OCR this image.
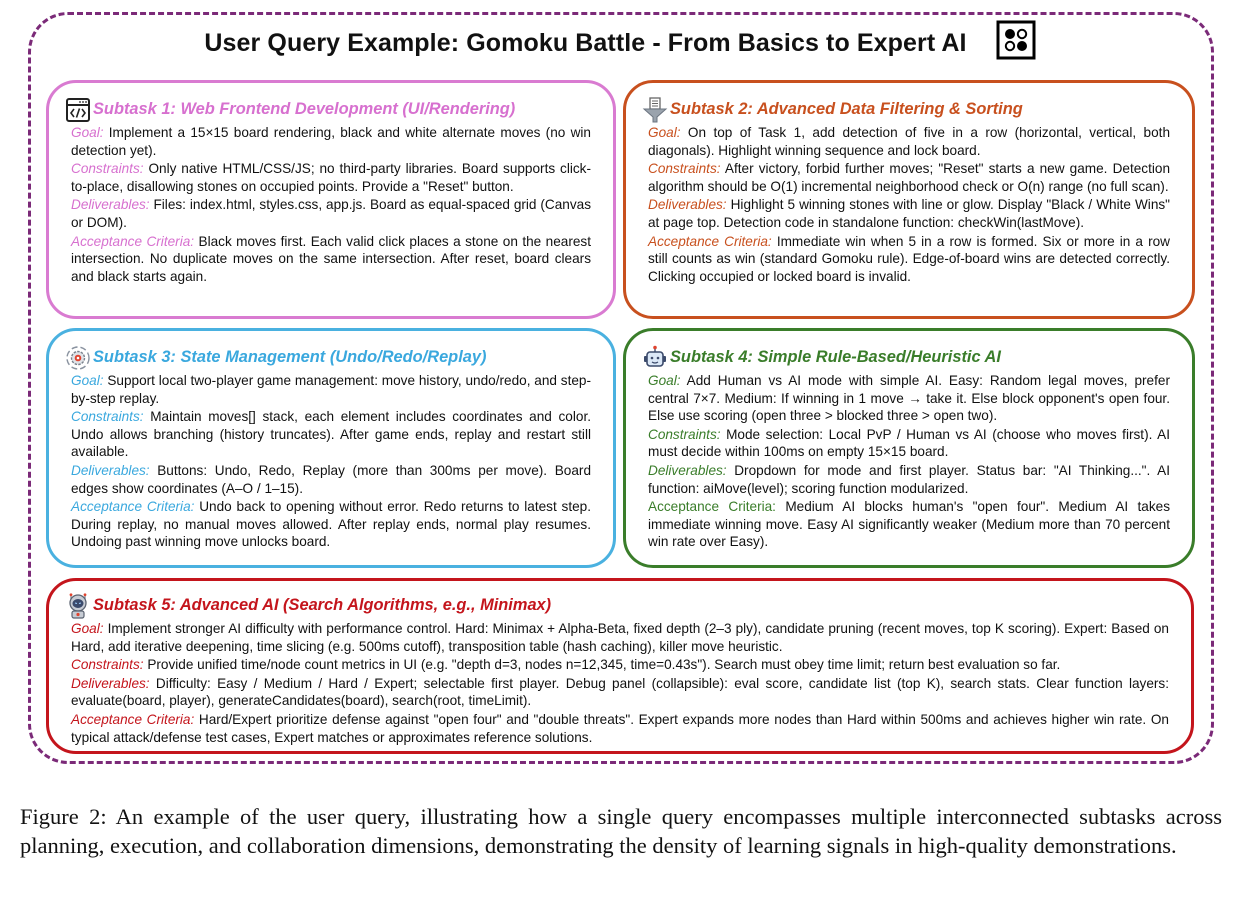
User Query Example: Gomoku Battle - From Basics to Expert AI
Subtask 1: Web Frontend Development (UI/Rendering)

Goal: Implement a 15×15 board rendering, black and white alternate moves (no win detection yet).

Constraints: Only native HTML/CSS/JS; no third-party libraries. Board supports click-to-place, disallowing stones on occupied points. Provide a "Reset" button.

Deliverables: Files: index.html, styles.css, app.js. Board as equal-spaced grid (Canvas or DOM).

Acceptance Criteria: Black moves first. Each valid click places a stone on the nearest intersection. No duplicate moves on the same intersection. After reset, board clears and black starts again.

Subtask 2: Advanced Data Filtering & Sorting

Goal: On top of Task 1, add detection of five in a row (horizontal, vertical, both diagonals). Highlight winning sequence and lock board.

Constraints: After victory, forbid further moves; "Reset" starts a new game. Detection algorithm should be O(1) incremental neighborhood check or O(n) range (no full scan).

Deliverables: Highlight 5 winning stones with line or glow. Display "Black / White Wins" at page top. Detection code in standalone function: checkWin(lastMove).

Acceptance Criteria: Immediate win when 5 in a row is formed. Six or more in a row still counts as win (standard Gomoku rule). Edge-of-board wins are detected correctly. Clicking occupied or locked board is invalid.

Subtask 3: State Management (Undo/Redo/Replay)

Goal: Support local two-player game management: move history, undo/redo, and step-by-step replay.

Constraints: Maintain moves[] stack, each element includes coordinates and color. Undo allows branching (history truncates). After game ends, replay and restart still available.

Deliverables: Buttons: Undo, Redo, Replay (more than 300ms per move). Board edges show coordinates (A–O / 1–15).

Acceptance Criteria: Undo back to opening without error. Redo returns to latest step. During replay, no manual moves allowed. After replay ends, normal play resumes. Undoing past winning move unlocks board.

Subtask 4: Simple Rule-Based/Heuristic AI

Goal: Add Human vs AI mode with simple AI. Easy: Random legal moves, prefer central 7×7. Medium: If winning in 1 move → take it. Else block opponent's open four. Else use scoring (open three > blocked three > open two).

Constraints: Mode selection: Local PvP / Human vs AI (choose who moves first). AI must decide within 100ms on empty 15×15 board.

Deliverables: Dropdown for mode and first player. Status bar: "AI Thinking...". AI function: aiMove(level); scoring function modularized.

Acceptance Criteria: Medium AI blocks human's "open four". Medium AI takes immediate winning move. Easy AI significantly weaker (Medium more than 70 percent win rate over Easy).

Subtask 5: Advanced AI (Search Algorithms, e.g., Minimax)

Goal: Implement stronger AI difficulty with performance control. Hard: Minimax + Alpha-Beta, fixed depth (2–3 ply), candidate pruning (recent moves, top K scoring). Expert: Based on Hard, add iterative deepening, time slicing (e.g. 500ms cutoff), transposition table (hash caching), killer move heuristic.

Constraints: Provide unified time/node count metrics in UI (e.g. "depth d=3, nodes n=12,345, time=0.43s"). Search must obey time limit; return best evaluation so far.

Deliverables: Difficulty: Easy / Medium / Hard / Expert; selectable first player. Debug panel (collapsible): eval score, candidate list (top K), search stats. Clear function layers: evaluate(board, player), generateCandidates(board), search(root, timeLimit).

Acceptance Criteria: Hard/Expert prioritize defense against "open four" and "double threats". Expert expands more nodes than Hard within 500ms and achieves higher win rate. On typical attack/defense test cases, Expert matches or approximates reference solutions.

Figure 2: An example of the user query, illustrating how a single query encompasses multiple interconnected subtasks across planning, execution, and collaboration dimensions, demonstrating the density of learning signals in high-quality demonstrations.
